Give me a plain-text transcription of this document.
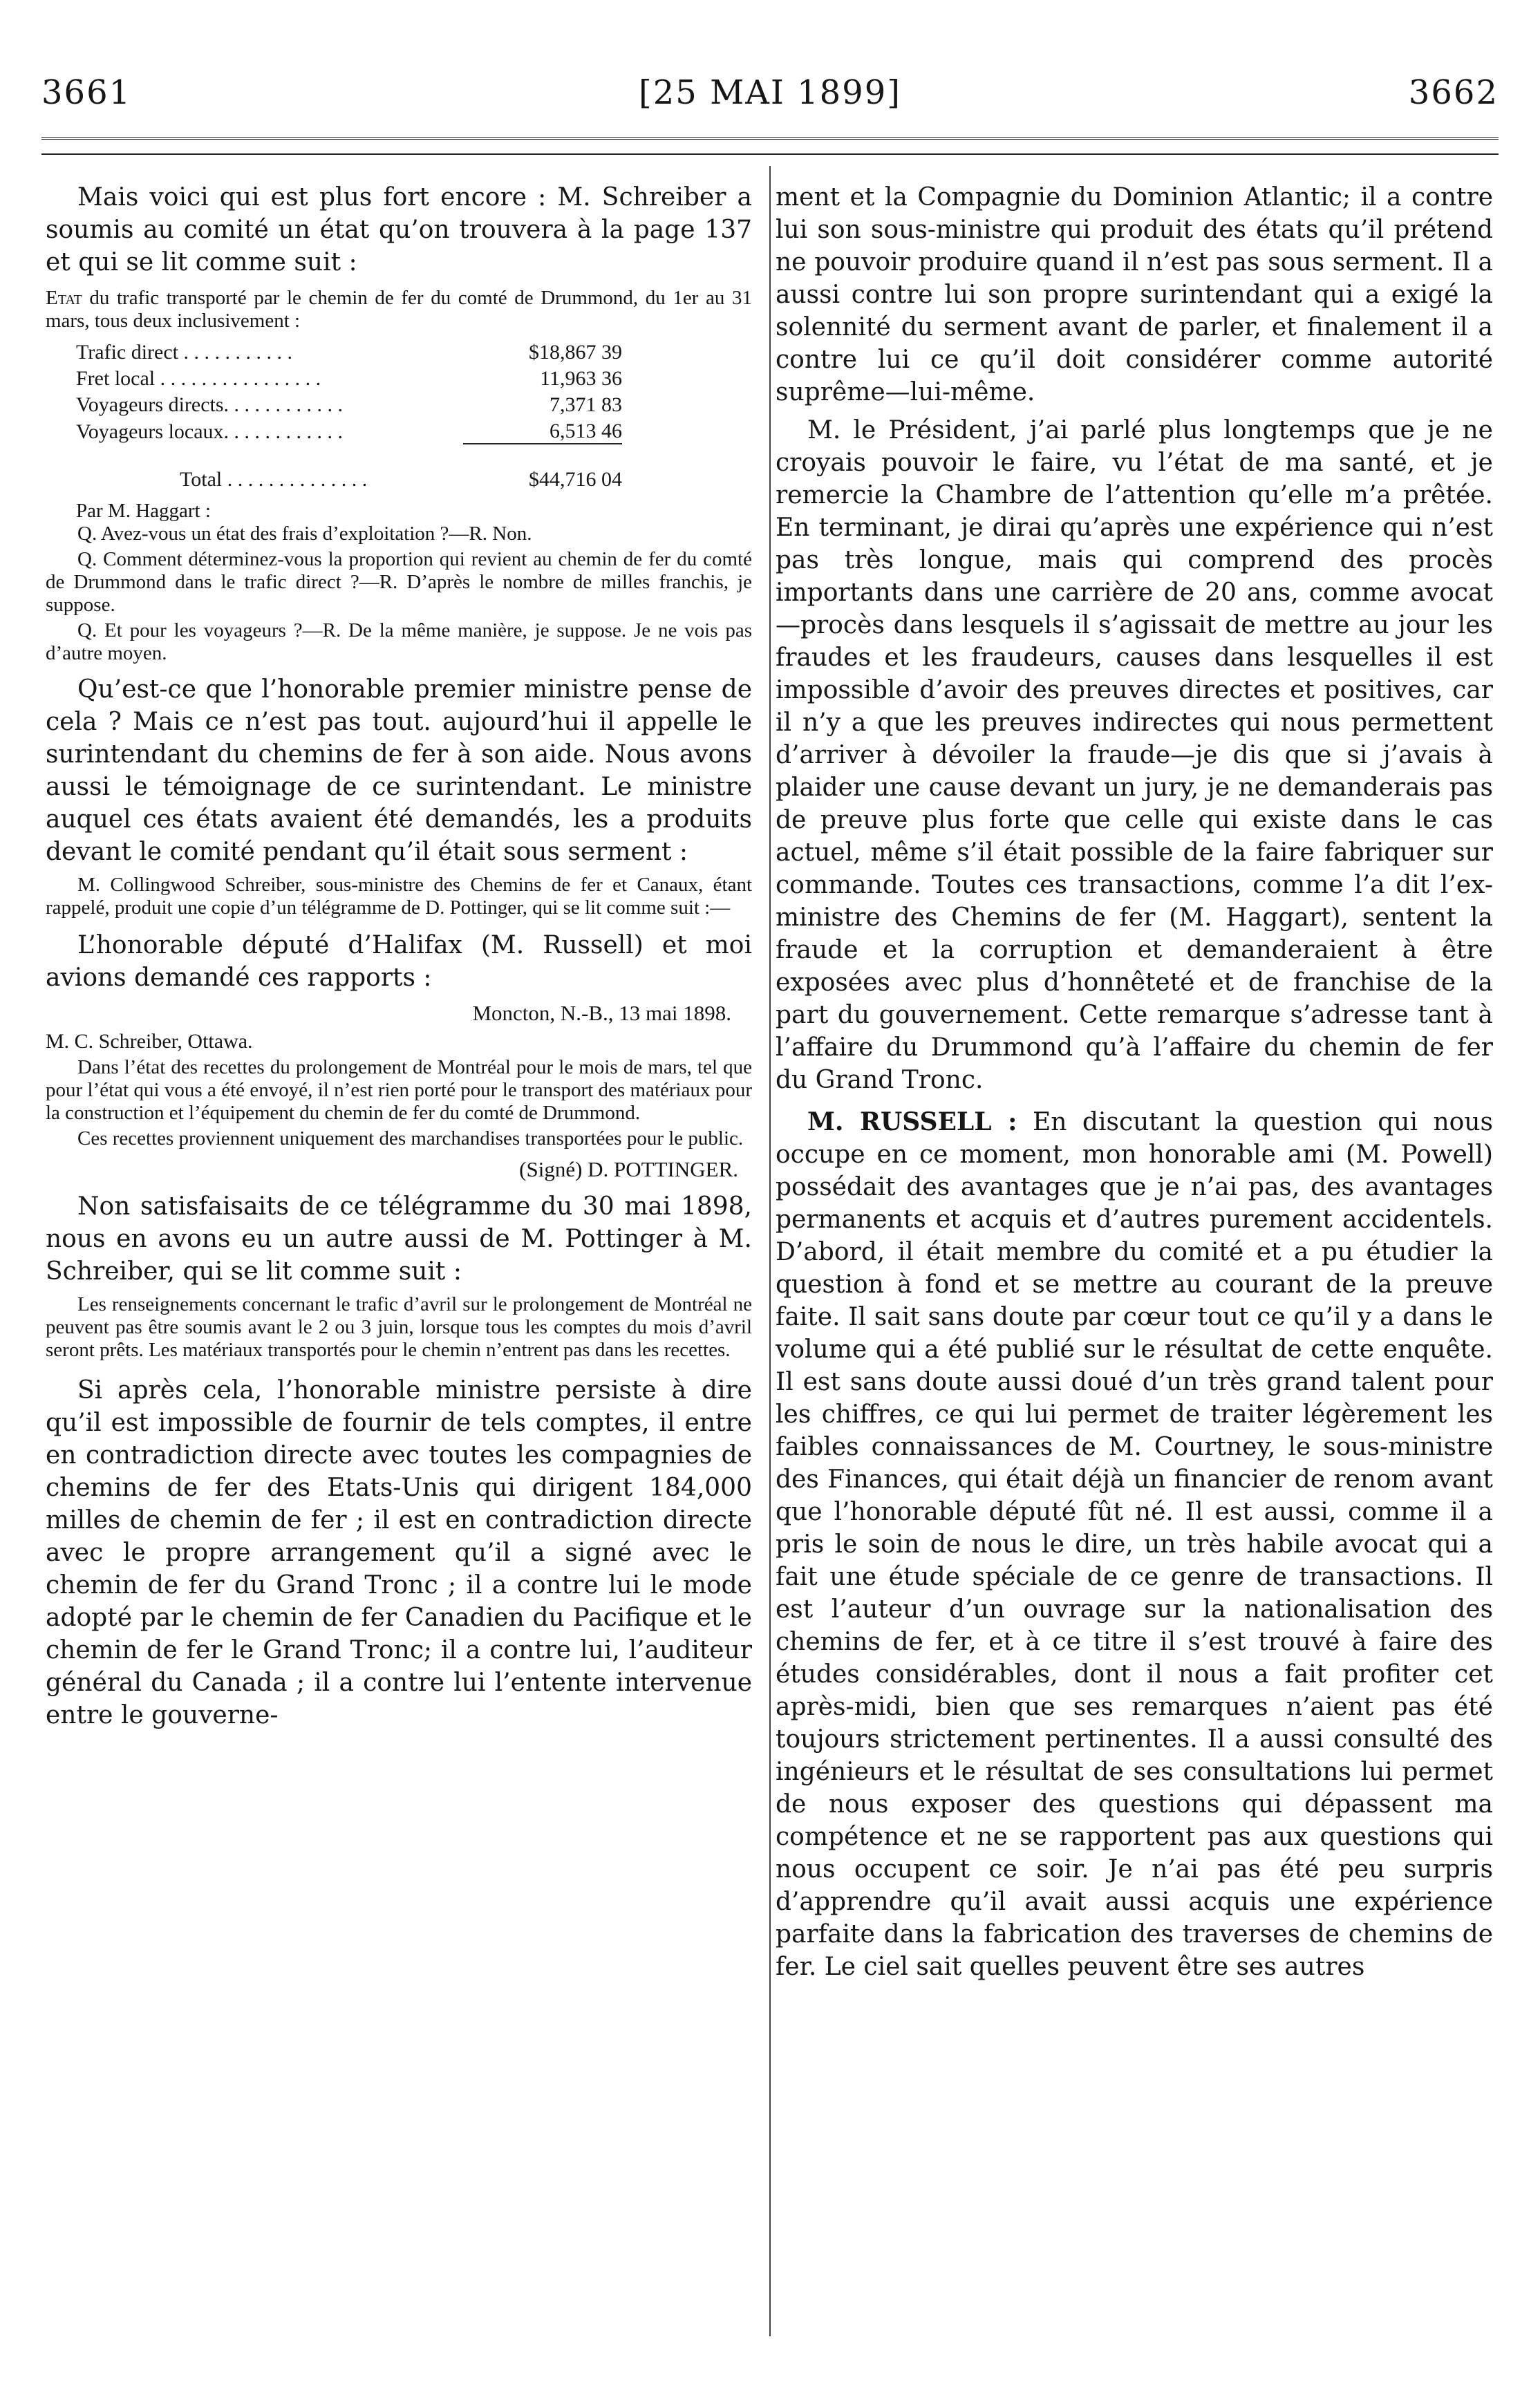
3661	[25 MAI 1899]	3662

Mais voici qui est plus fort encore : M. Schreiber a soumis au comité un état qu’on trouvera à la page 137 et qui se lit comme suit :

Etat du trafic transporté par le chemin de fer du comté de Drummond, du 1er au 31 mars, tous deux inclusivement :

Trafic direct . . . . . . . . . . .	$18,867 39
Fret local . . . . . . . . . . . . . . . .	11,963 36
Voyageurs directs. . . . . . . . . . . .	7,371 83
Voyageurs locaux. . . . . . . . . . . .	6,513 46
Total . . . . . . . . . . . . . .	$44,716 04
Par M. Haggart :

Q. Avez-vous un état des frais d’exploitation ?—R. Non.

Q. Comment déterminez-vous la proportion qui revient au chemin de fer du comté de Drummond dans le trafic direct ?—R. D’après le nombre de milles franchis, je suppose.

Q. Et pour les voyageurs ?—R. De la même manière, je suppose. Je ne vois pas d’autre moyen.

Qu’est-ce que l’honorable premier ministre pense de cela ? Mais ce n’est pas tout. aujourd’hui il appelle le surintendant du chemins de fer à son aide. Nous avons aussi le témoignage de ce surintendant. Le ministre auquel ces états avaient été demandés, les a produits devant le comité pendant qu’il était sous serment :

M. Collingwood Schreiber, sous-ministre des Chemins de fer et Canaux, étant rappelé, produit une copie d’un télégramme de D. Pottinger, qui se lit comme suit :—

L’honorable député d’Halifax (M. Russell) et moi avions demandé ces rapports :

Moncton, N.-B., 13 mai 1898.
M. C. Schreiber, Ottawa.

Dans l’état des recettes du prolongement de Montréal pour le mois de mars, tel que pour l’état qui vous a été envoyé, il n’est rien porté pour le transport des matériaux pour la construction et l’équipement du chemin de fer du comté de Drummond.

Ces recettes proviennent uniquement des marchandises transportées pour le public.

(Signé) D. POTTINGER.

Non satisfaisaits de ce télégramme du 30 mai 1898, nous en avons eu un autre aussi de M. Pottinger à M. Schreiber, qui se lit comme suit :

Les renseignements concernant le trafic d’avril sur le prolongement de Montréal ne peuvent pas être soumis avant le 2 ou 3 juin, lorsque tous les comptes du mois d’avril seront prêts. Les matériaux transportés pour le chemin n’entrent pas dans les recettes.

Si après cela, l’honorable ministre persiste à dire qu’il est impossible de fournir de tels comptes, il entre en contradiction directe avec toutes les compagnies de chemins de fer des Etats-Unis qui dirigent 184,000 milles de chemin de fer ; il est en contradiction directe avec le propre arrangement qu’il a signé avec le chemin de fer du Grand Tronc ; il a contre lui le mode adopté par le chemin de fer Canadien du Pacifique et le chemin de fer le Grand Tronc; il a contre lui, l’auditeur général du Canada ; il a contre lui l’entente intervenue entre le gouverne-

ment et la Compagnie du Dominion Atlantic; il a contre lui son sous-ministre qui produit des états qu’il prétend ne pouvoir produire quand il n’est pas sous serment. Il a aussi contre lui son propre surintendant qui a exigé la solennité du serment avant de parler, et finalement il a contre lui ce qu’il doit considérer comme autorité suprême—lui-même.

M. le Président, j’ai parlé plus longtemps que je ne croyais pouvoir le faire, vu l’état de ma santé, et je remercie la Chambre de l’attention qu’elle m’a prêtée. En terminant, je dirai qu’après une expérience qui n’est pas très longue, mais qui comprend des procès importants dans une carrière de 20 ans, comme avocat—procès dans lesquels il s’agissait de mettre au jour les fraudes et les fraudeurs, causes dans lesquelles il est impossible d’avoir des preuves directes et positives, car il n’y a que les preuves indirectes qui nous permettent d’arriver à dévoiler la fraude—je dis que si j’avais à plaider une cause devant un jury, je ne demanderais pas de preuve plus forte que celle qui existe dans le cas actuel, même s’il était possible de la faire fabriquer sur commande. Toutes ces transactions, comme l’a dit l’ex-ministre des Chemins de fer (M. Haggart), sentent la fraude et la corruption et demanderaient à être exposées avec plus d’honnêteté et de franchise de la part du gouvernement. Cette remarque s’adresse tant à l’affaire du Drummond qu’à l’affaire du chemin de fer du Grand Tronc.

M. RUSSELL : En discutant la question qui nous occupe en ce moment, mon honorable ami (M. Powell) possédait des avantages que je n’ai pas, des avantages permanents et acquis et d’autres purement accidentels. D’abord, il était membre du comité et a pu étudier la question à fond et se mettre au courant de la preuve faite. Il sait sans doute par cœur tout ce qu’il y a dans le volume qui a été publié sur le résultat de cette enquête. Il est sans doute aussi doué d’un très grand talent pour les chiffres, ce qui lui permet de traiter légèrement les faibles connaissances de M. Courtney, le sous-ministre des Finances, qui était déjà un financier de renom avant que l’honorable député fût né. Il est aussi, comme il a pris le soin de nous le dire, un très habile avocat qui a fait une étude spéciale de ce genre de transactions. Il est l’auteur d’un ouvrage sur la nationalisation des chemins de fer, et à ce titre il s’est trouvé à faire des études considérables, dont il nous a fait profiter cet après-midi, bien que ses remarques n’aient pas été toujours strictement pertinentes. Il a aussi consulté des ingénieurs et le résultat de ses consultations lui permet de nous exposer des questions qui dépassent ma compétence et ne se rapportent pas aux questions qui nous occupent ce soir. Je n’ai pas été peu surpris d’apprendre qu’il avait aussi acquis une expérience parfaite dans la fabrication des traverses de chemins de fer. Le ciel sait quelles peuvent être ses autres
